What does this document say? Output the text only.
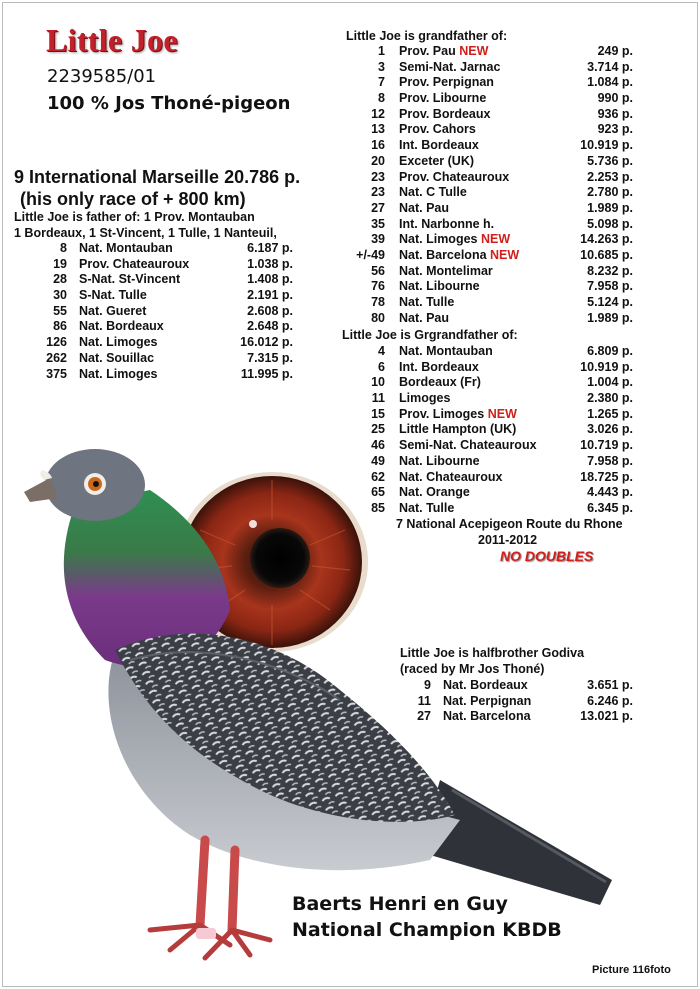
Little Joe
2239585/01
100 % Jos Thoné-pigeon
9 International Marseille 20.786 p.
(his only race of + 800 km)
Little Joe is father of: 1 Prov. Montauban
1 Bordeaux, 1 St-Vincent, 1 Tulle, 1 Nanteuil,
8 Nat. Montauban	6.187 p.
19 Prov. Chateauroux	1.038 p.
28 S-Nat. St-Vincent	1.408 p.
30 S-Nat. Tulle	2.191 p.
55 Nat. Gueret	2.608 p.
86 Nat. Bordeaux	2.648 p.
126 Nat. Limoges	16.012 p.
262 Nat. Souillac	7.315 p.
375 Nat. Limoges	11.995 p.
Little Joe is grandfather of:
1 Prov. Pau NEW	249 p.
3 Semi-Nat. Jarnac	3.714 p.
7 Prov. Perpignan	1.084 p.
8 Prov. Libourne	990 p.
12 Prov. Bordeaux	936 p.
13 Prov. Cahors	923 p.
16 Int. Bordeaux	10.919 p.
20 Exceter (UK)	5.736 p.
23 Prov. Chateauroux	2.253 p.
23 Nat. C Tulle	2.780 p.
27 Nat. Pau	1.989 p.
35 Int. Narbonne h.	5.098 p.
39 Nat. Limoges NEW	14.263 p.
+/-49 Nat. Barcelona NEW	10.685 p.
56 Nat. Montelimar	8.232 p.
76 Nat. Libourne	7.958 p.
78 Nat. Tulle	5.124 p.
80 Nat. Pau	1.989 p.
Little Joe is Grgrandfather of:
4 Nat. Montauban	6.809 p.
6 Int. Bordeaux	10.919 p.
10 Bordeaux (Fr)	1.004 p.
11 Limoges	2.380 p.
15 Prov. Limoges NEW	1.265 p.
25 Little Hampton (UK)	3.026 p.
46 Semi-Nat. Chateauroux	10.719 p.
49 Nat. Libourne	7.958 p.
62 Nat. Chateauroux	18.725 p.
65 Nat. Orange	4.443 p.
85 Nat. Tulle	6.345 p.
7 National Acepigeon Route du Rhone
2011-2012
NO DOUBLES
Little Joe is halfbrother Godiva
(raced by Mr Jos Thoné)
9 Nat. Bordeaux	3.651 p.
11 Nat. Perpignan	6.246 p.
27 Nat. Barcelona	13.021 p.
Baerts Henri en Guy
National Champion KBDB
Picture 116foto
